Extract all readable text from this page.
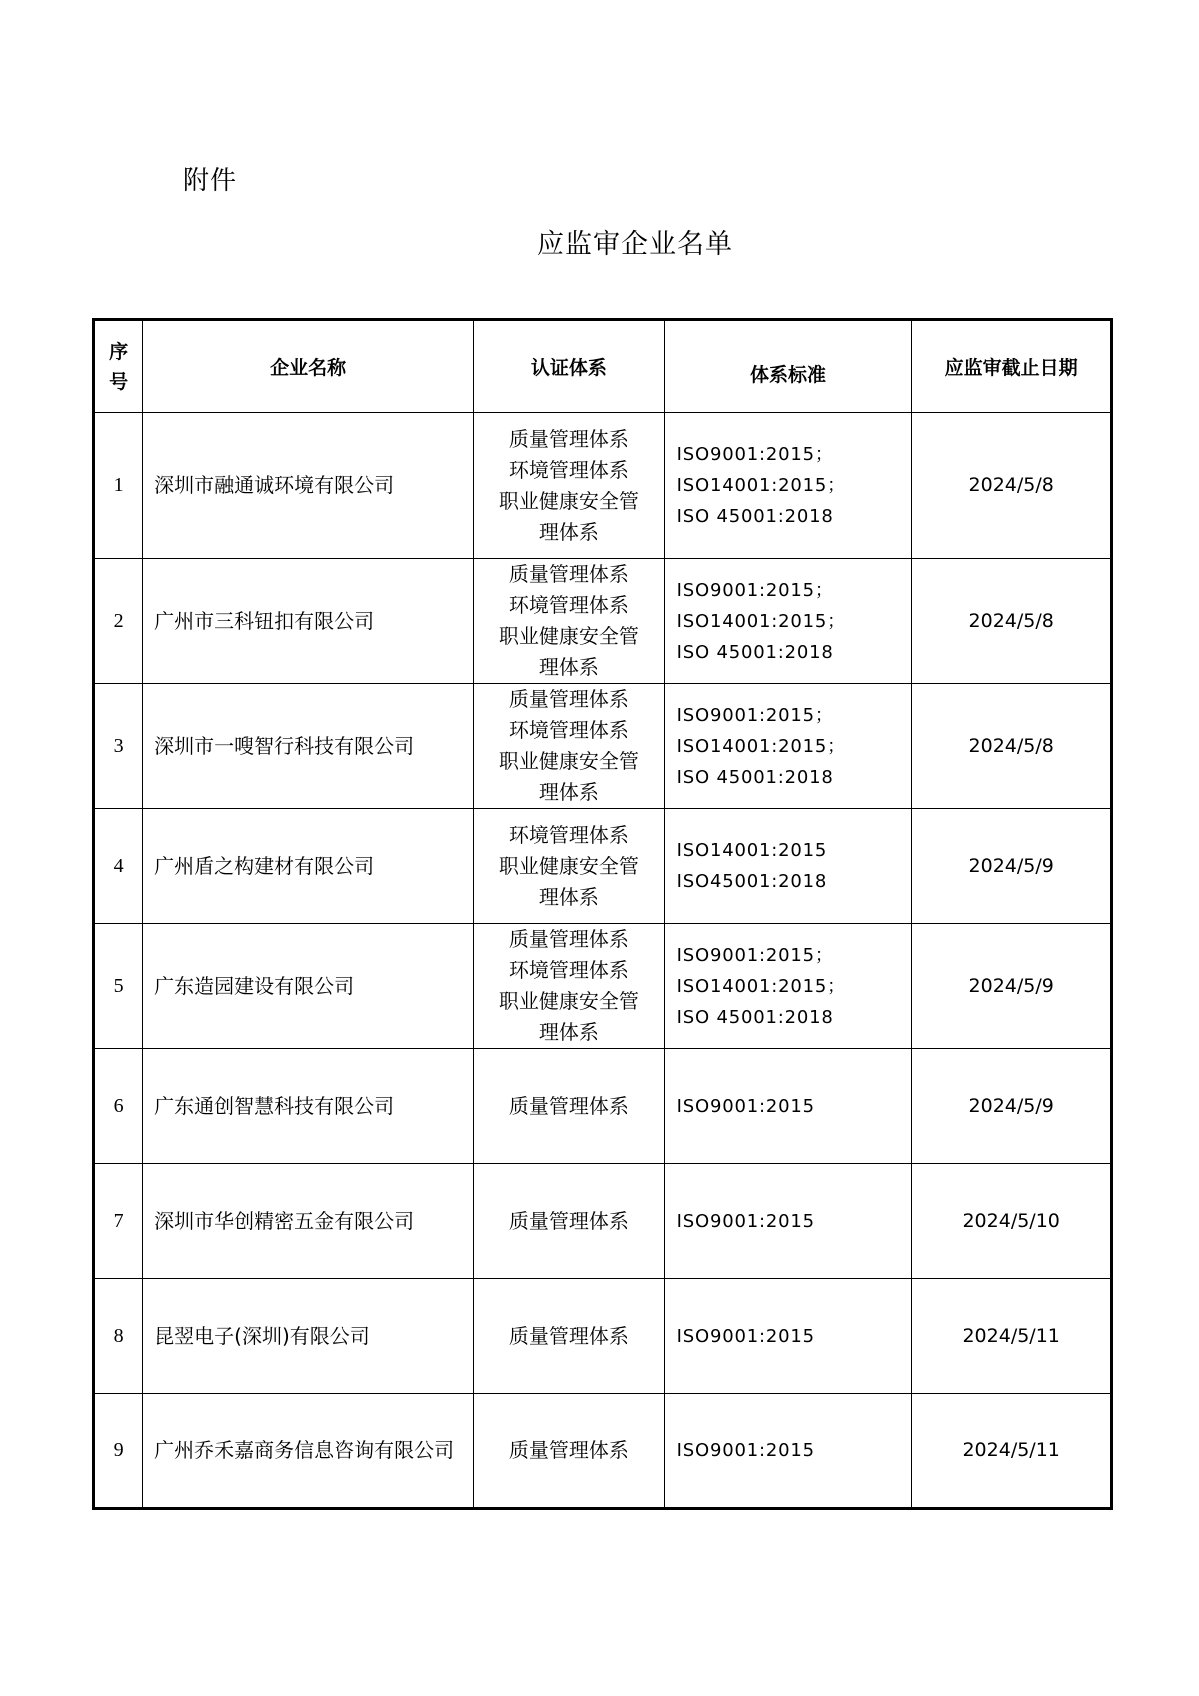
附件
应监审企业名单
序
号	企业名称	认证体系	体系标准	应监审截止日期
1	深圳市融通诚环境有限公司	质量管理体系
环境管理体系
职业健康安全管
理体系	ISO9001:2015；
ISO14001:2015；
ISO 45001:2018	2024/5/8
2	广州市三科钮扣有限公司	质量管理体系
环境管理体系
职业健康安全管
理体系	ISO9001:2015；
ISO14001:2015；
ISO 45001:2018	2024/5/8
3	深圳市一嗖智行科技有限公司	质量管理体系
环境管理体系
职业健康安全管
理体系	ISO9001:2015；
ISO14001:2015；
ISO 45001:2018	2024/5/8
4	广州盾之构建材有限公司	环境管理体系
职业健康安全管
理体系	ISO14001:2015
ISO45001:2018	2024/5/9
5	广东造园建设有限公司	质量管理体系
环境管理体系
职业健康安全管
理体系	ISO9001:2015；
ISO14001:2015；
ISO 45001:2018	2024/5/9
6	广东通创智慧科技有限公司	质量管理体系	ISO9001:2015	2024/5/9
7	深圳市华创精密五金有限公司	质量管理体系	ISO9001:2015	2024/5/10
8	昆翌电子(深圳)有限公司	质量管理体系	ISO9001:2015	2024/5/11
9	广州乔禾嘉商务信息咨询有限公司	质量管理体系	ISO9001:2015	2024/5/11
